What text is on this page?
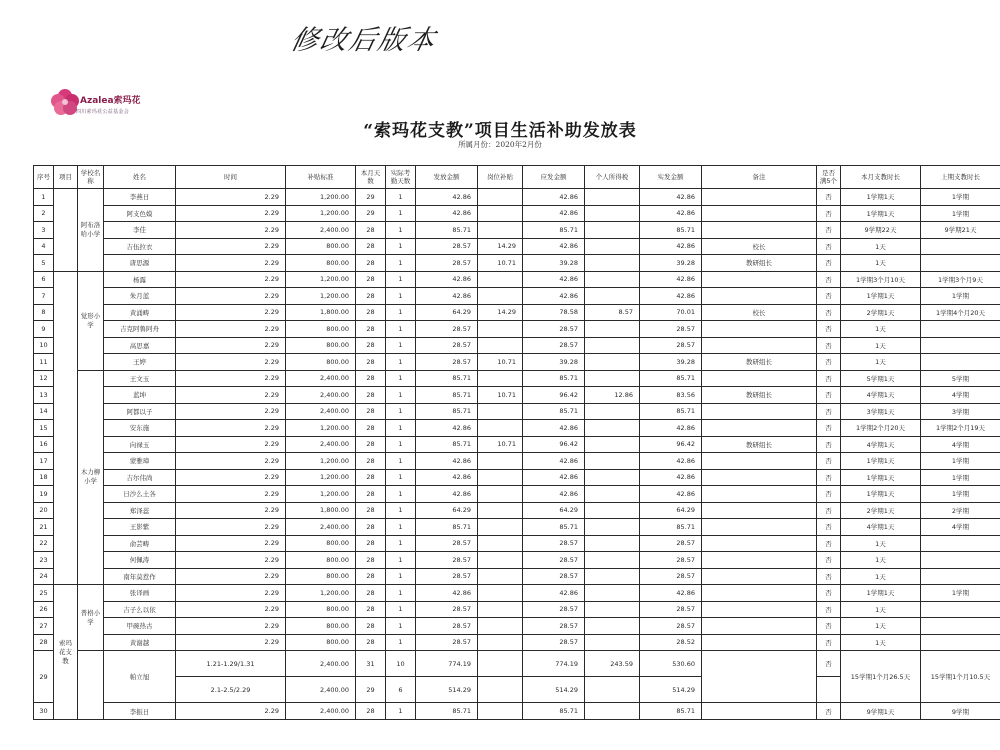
修改后版本
Azalea索玛花
四川索玛花公益基金会
“索玛花支教”项目生活补助发放表
所属月份：2020年2月份
序号	项目	学校名称	姓名	时间	补贴标准	本月天数	实际考勤天数	发放金额	岗位补贴	应发金额	个人所得税	实发金额	备注	是否满5个	本月支教时长	上期支教时长
1		阿布洛哈小学	李燕日	2.29	1,200.00	29	1	42.86		42.86		42.86		否	1学期1天	1学期
2			阿支色嫫	2.29	1,200.00	29	1	42.86		42.86		42.86		否	1学期1天	1学期
3			李佳	2.29	2,400.00	28	1	85.71		85.71		85.71		否	9学期22天	9学期21天
4			吉伍拉衣	2.29	800.00	28	1	28.57	14.29	42.86		42.86	校长	否	1天	
5			唐思源	2.29	800.00	28	1	28.57	10.71	39.28		39.28	教研组长	否	1天	
6		觉形小学	杨露	2.29	1,200.00	28	1	42.86		42.86		42.86		否	1学期3个月10天	1学期3个月9天
7			朱月蓝	2.29	1,200.00	28	1	42.86		42.86		42.86		否	1学期1天	1学期
8			黄涌畴	2.29	1,800.00	28	1	64.29	14.29	78.58	8.57	70.01	校长	否	2学期1天	1学期4个月20天
9			吉克阿鲁阿舟	2.29	800.00	28	1	28.57		28.57		28.57		否	1天	
10			高思嘉	2.29	800.00	28	1	28.57		28.57		28.57		否	1天	
11			王婷	2.29	800.00	28	1	28.57	10.71	39.28		39.28	教研组长	否	1天	
12		木力柳小学	王文玉	2.29	2,400.00	28	1	85.71		85.71		85.71		否	5学期1天	5学期
13			蓝坤	2.29	2,400.00	28	1	85.71	10.71	96.42	12.86	83.56	教研组长	否	4学期1天	4学期
14			阿都以子	2.29	2,400.00	28	1	85.71		85.71		85.71		否	3学期1天	3学期
15			安东施	2.29	1,200.00	28	1	42.86		42.86		42.86		否	1学期2个月20天	1学期2个月19天
16			向禄玉	2.29	2,400.00	28	1	85.71	10.71	96.42		96.42	教研组长	否	4学期1天	4学期
17			蒙雅璋	2.29	1,200.00	28	1	42.86		42.86		42.86		否	1学期1天	1学期
18			吉尔伟尚	2.29	1,200.00	28	1	42.86		42.86		42.86		否	1学期1天	1学期
19			日沙么土各	2.29	1,200.00	28	1	42.86		42.86		42.86		否	1学期1天	1学期
20			郑泽蕊	2.29	1,800.00	28	1	64.29		64.29		64.29		否	2学期1天	2学期
21			王影紫	2.29	2,400.00	28	1	85.71		85.71		85.71		否	4学期1天	4学期
22			俞芸畴	2.29	800.00	28	1	28.57		28.57		28.57		否	1天	
23			何佩涛	2.29	800.00	28	1	28.57		28.57		28.57		否	1天	
24			南年莫惹作	2.29	800.00	28	1	28.57		28.57		28.57		否	1天	
25	索玛花支教	普格小学	张译画	2.29	1,200.00	28	1	42.86		42.86		42.86		否	1学期1天	1学期
26			吉子么以依	2.29	800.00	28	1	28.57		28.57		28.57		否	1天	
27			甲碗热古	2.29	800.00	28	1	28.57		28.57		28.57		否	1天	
28			黄谢越	2.29	800.00	28	1	28.57		28.57		28.52		否	1天	
29			帕立旭	1.21-1.29/1.31	2,400.00	31	10	774.19		774.19	243.59	530.60		否	15学期1个月26.5天	15学期1个月10.5天
				2.1-2.5/2.29	2,400.00	29	6	514.29		514.29		514.29				
30			李振日	2.29	2,400.00	28	1	85.71		85.71		85.71		否	9学期1天	9学期
